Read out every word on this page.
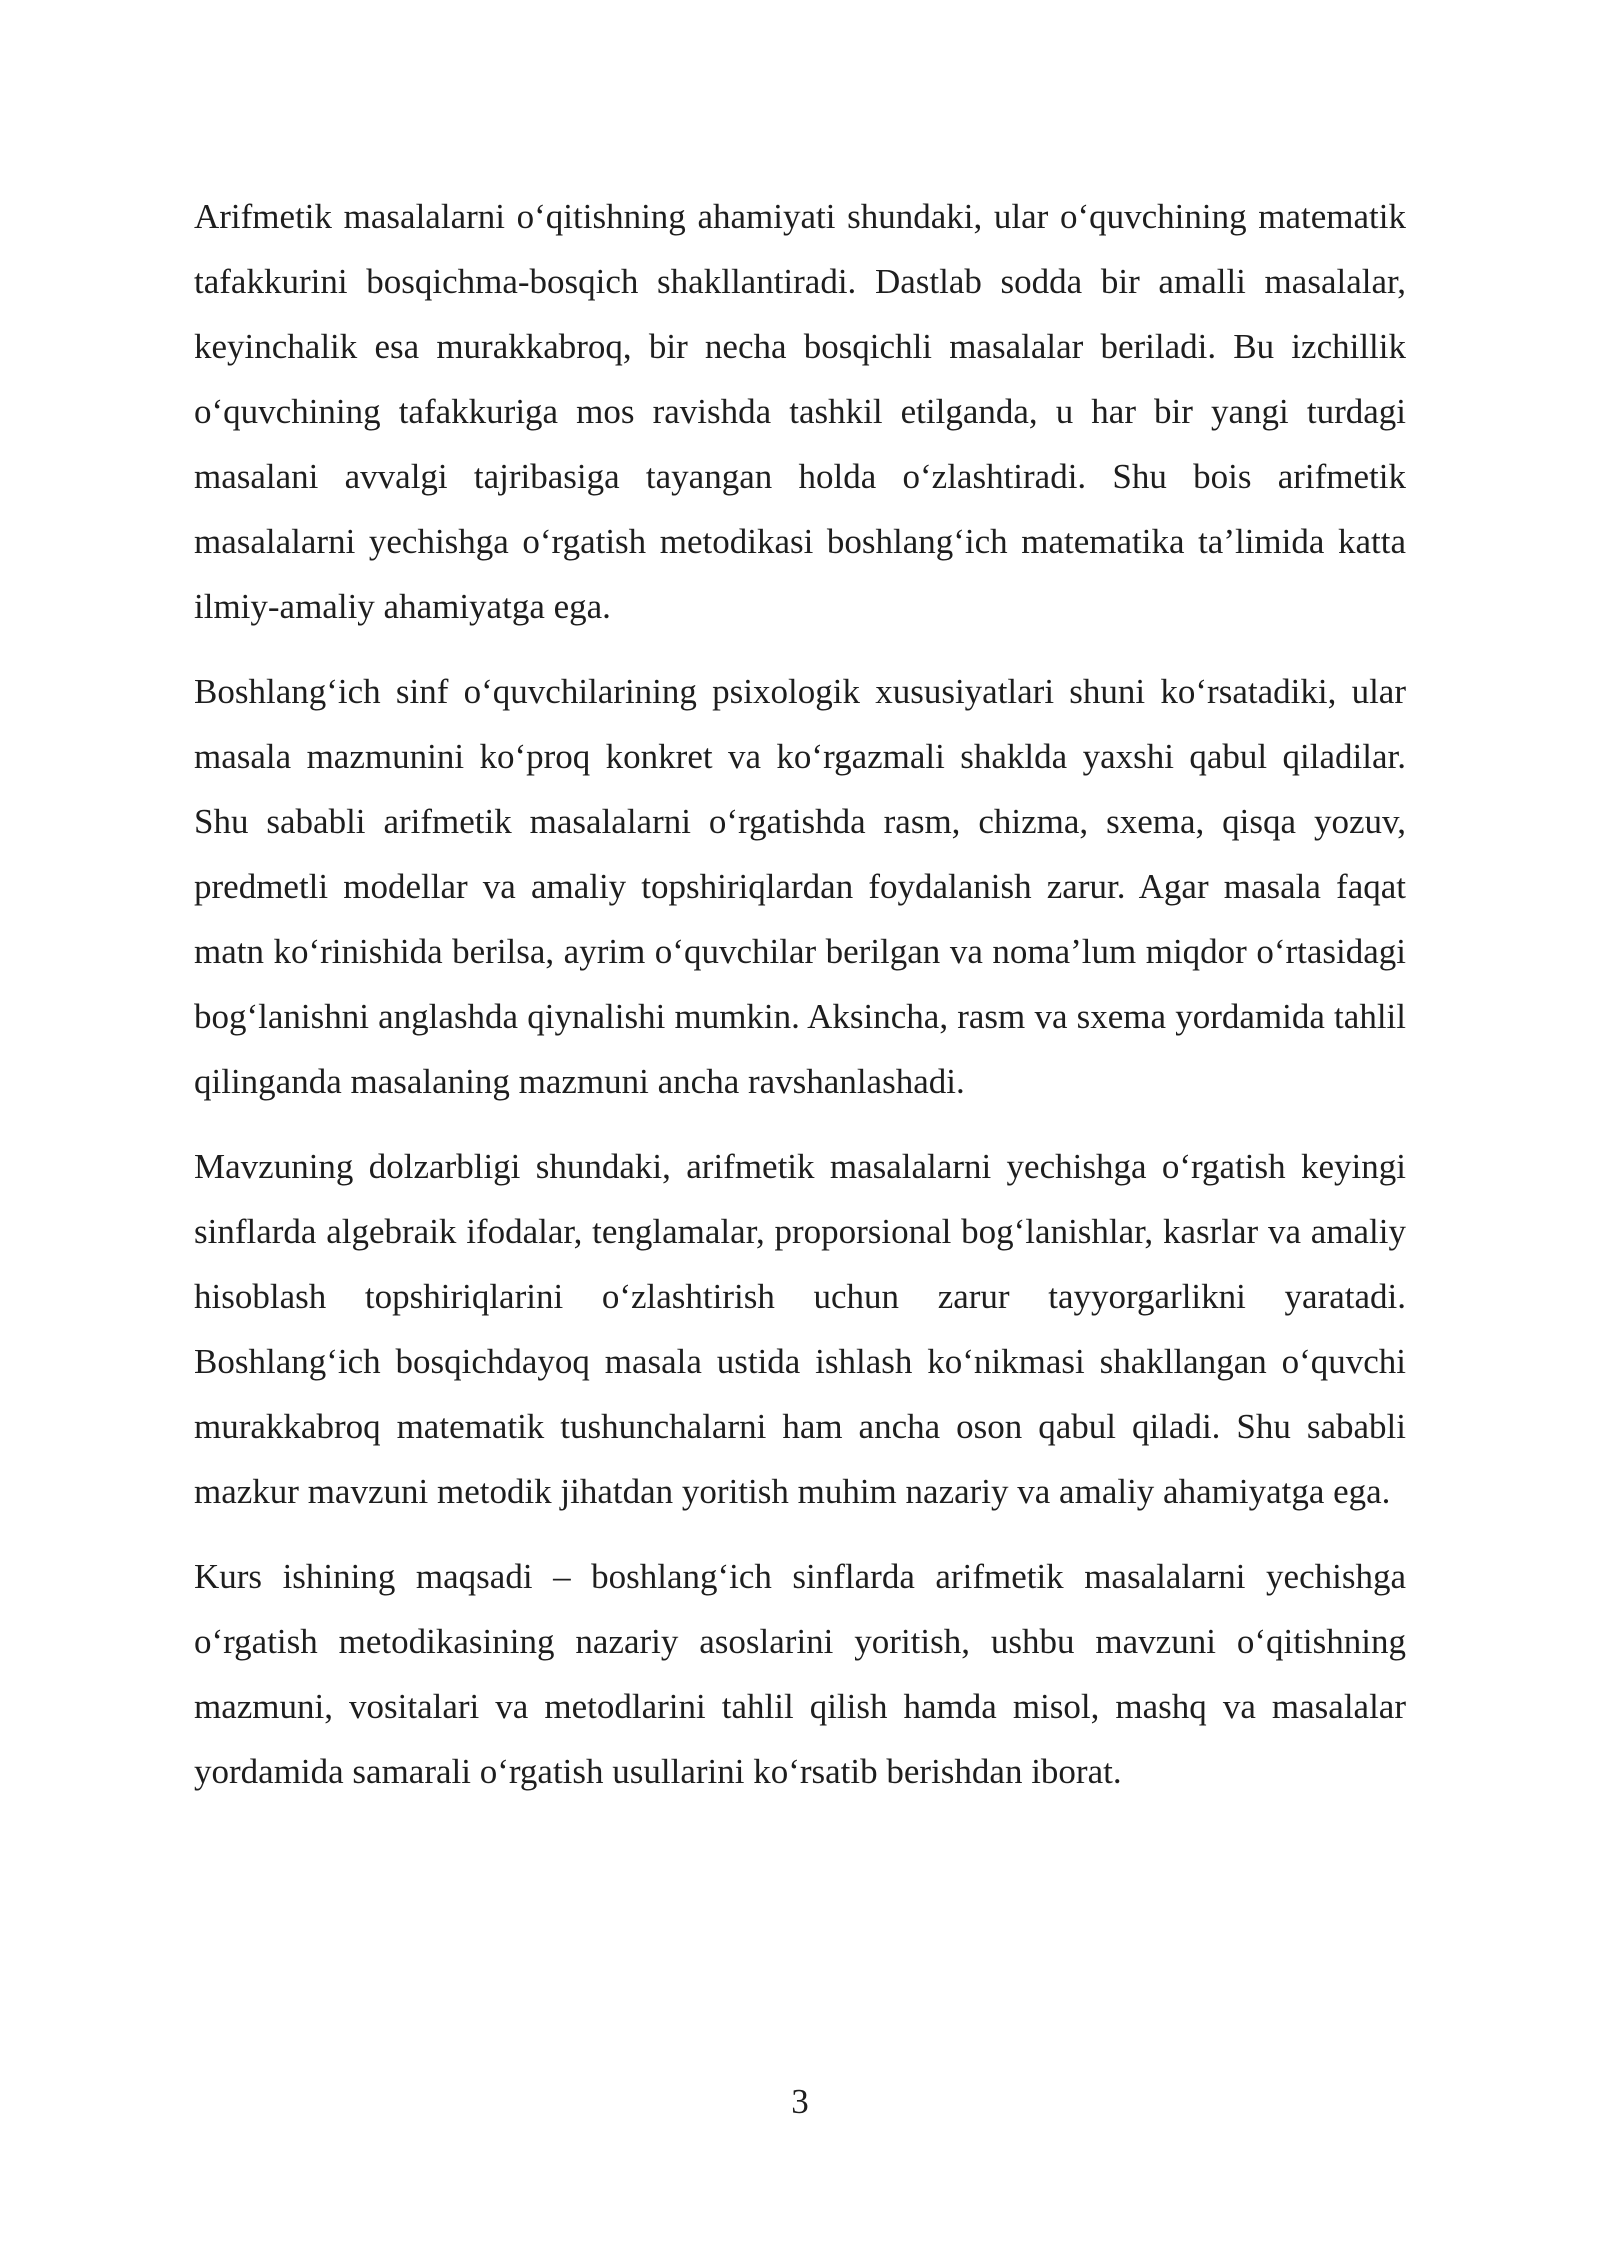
Arifmetik masalalarni o‘qitishning ahamiyati shundaki, ular o‘quvchining matematik tafakkurini bosqichma-bosqich shakllantiradi. Dastlab sodda bir amalli masalalar, keyinchalik esa murakkabroq, bir necha bosqichli masalalar beriladi. Bu izchillik o‘quvchining tafakkuriga mos ravishda tashkil etilganda, u har bir yangi turdagi masalani avvalgi tajribasiga tayangan holda o‘zlashtiradi. Shu bois arifmetik masalalarni yechishga o‘rgatish metodikasi boshlang‘ich matematika ta’limida katta ilmiy-amaliy ahamiyatga ega.

Boshlang‘ich sinf o‘quvchilarining psixologik xususiyatlari shuni ko‘rsatadiki, ular masala mazmunini ko‘proq konkret va ko‘rgazmali shaklda yaxshi qabul qiladilar. Shu sababli arifmetik masalalarni o‘rgatishda rasm, chizma, sxema, qisqa yozuv, predmetli modellar va amaliy topshiriqlardan foydalanish zarur. Agar masala faqat matn ko‘rinishida berilsa, ayrim o‘quvchilar berilgan va noma’lum miqdor o‘rtasidagi bog‘lanishni anglashda qiynalishi mumkin. Aksincha, rasm va sxema yordamida tahlil qilinganda masalaning mazmuni ancha ravshanlashadi.

Mavzuning dolzarbligi shundaki, arifmetik masalalarni yechishga o‘rgatish keyingi sinflarda algebraik ifodalar, tenglamalar, proporsional bog‘lanishlar, kasrlar va amaliy hisoblash topshiriqlarini o‘zlashtirish uchun zarur tayyorgarlikni yaratadi. Boshlang‘ich bosqichdayoq masala ustida ishlash ko‘nikmasi shakllangan o‘quvchi murakkabroq matematik tushunchalarni ham ancha oson qabul qiladi. Shu sababli mazkur mavzuni metodik jihatdan yoritish muhim nazariy va amaliy ahamiyatga ega.

Kurs ishining maqsadi – boshlang‘ich sinflarda arifmetik masalalarni yechishga o‘rgatish metodikasining nazariy asoslarini yoritish, ushbu mavzuni o‘qitishning mazmuni, vositalari va metodlarini tahlil qilish hamda misol, mashq va masalalar yordamida samarali o‘rgatish usullarini ko‘rsatib berishdan iborat.

3
